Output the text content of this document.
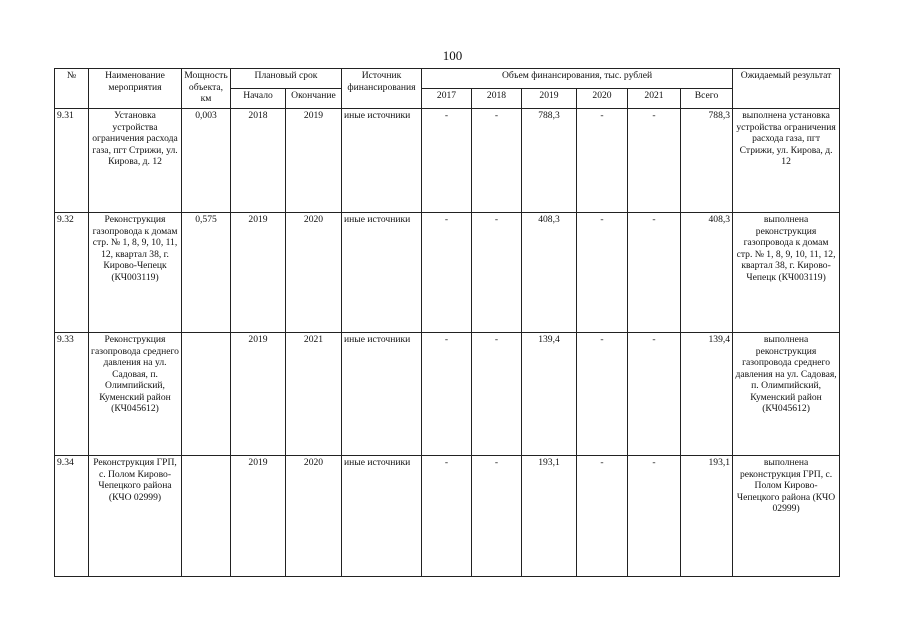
100
№	Наименование мероприятия	Мощность объекта, км	Плановый срок		Источник финансирования	Объем финансирования, тыс. рублей						Ожидаемый результат
			Начало	Окончание		2017	2018	2019	2020	2021	Всего	
9.31	Установка устройства ограничения расхода газа, пгт Стрижи, ул. Кирова, д. 12	0,003	2018	2019	иные источники	-	-	788,3	-	-	788,3	выполнена установка устройства ограничения расхода газа, пгт Стрижи, ул. Кирова, д. 12
9.32	Реконструкция газопровода к домам стр. № 1, 8, 9, 10, 11, 12, квартал 38, г. Кирово-Чепецк (КЧ003119)	0,575	2019	2020	иные источники	-	-	408,3	-	-	408,3	выполнена реконструкция газопровода к домам стр. № 1, 8, 9, 10, 11, 12, квартал 38, г. Кирово-Чепецк (КЧ003119)
9.33	Реконструкция газопровода среднего давления на ул. Садовая, п. Олимпийский, Куменский район (КЧ045612)		2019	2021	иные источники	-	-	139,4	-	-	139,4	выполнена реконструкция газопровода среднего давления на ул. Садовая, п. Олимпийский, Куменский район (КЧ045612)
9.34	Реконструкция ГРП, с. Полом Кирово-Чепецкого района (КЧО 02999)		2019	2020	иные источники	-	-	193,1	-	-	193,1	выполнена реконструкция ГРП, с. Полом Кирово-Чепецкого района (КЧО 02999)
